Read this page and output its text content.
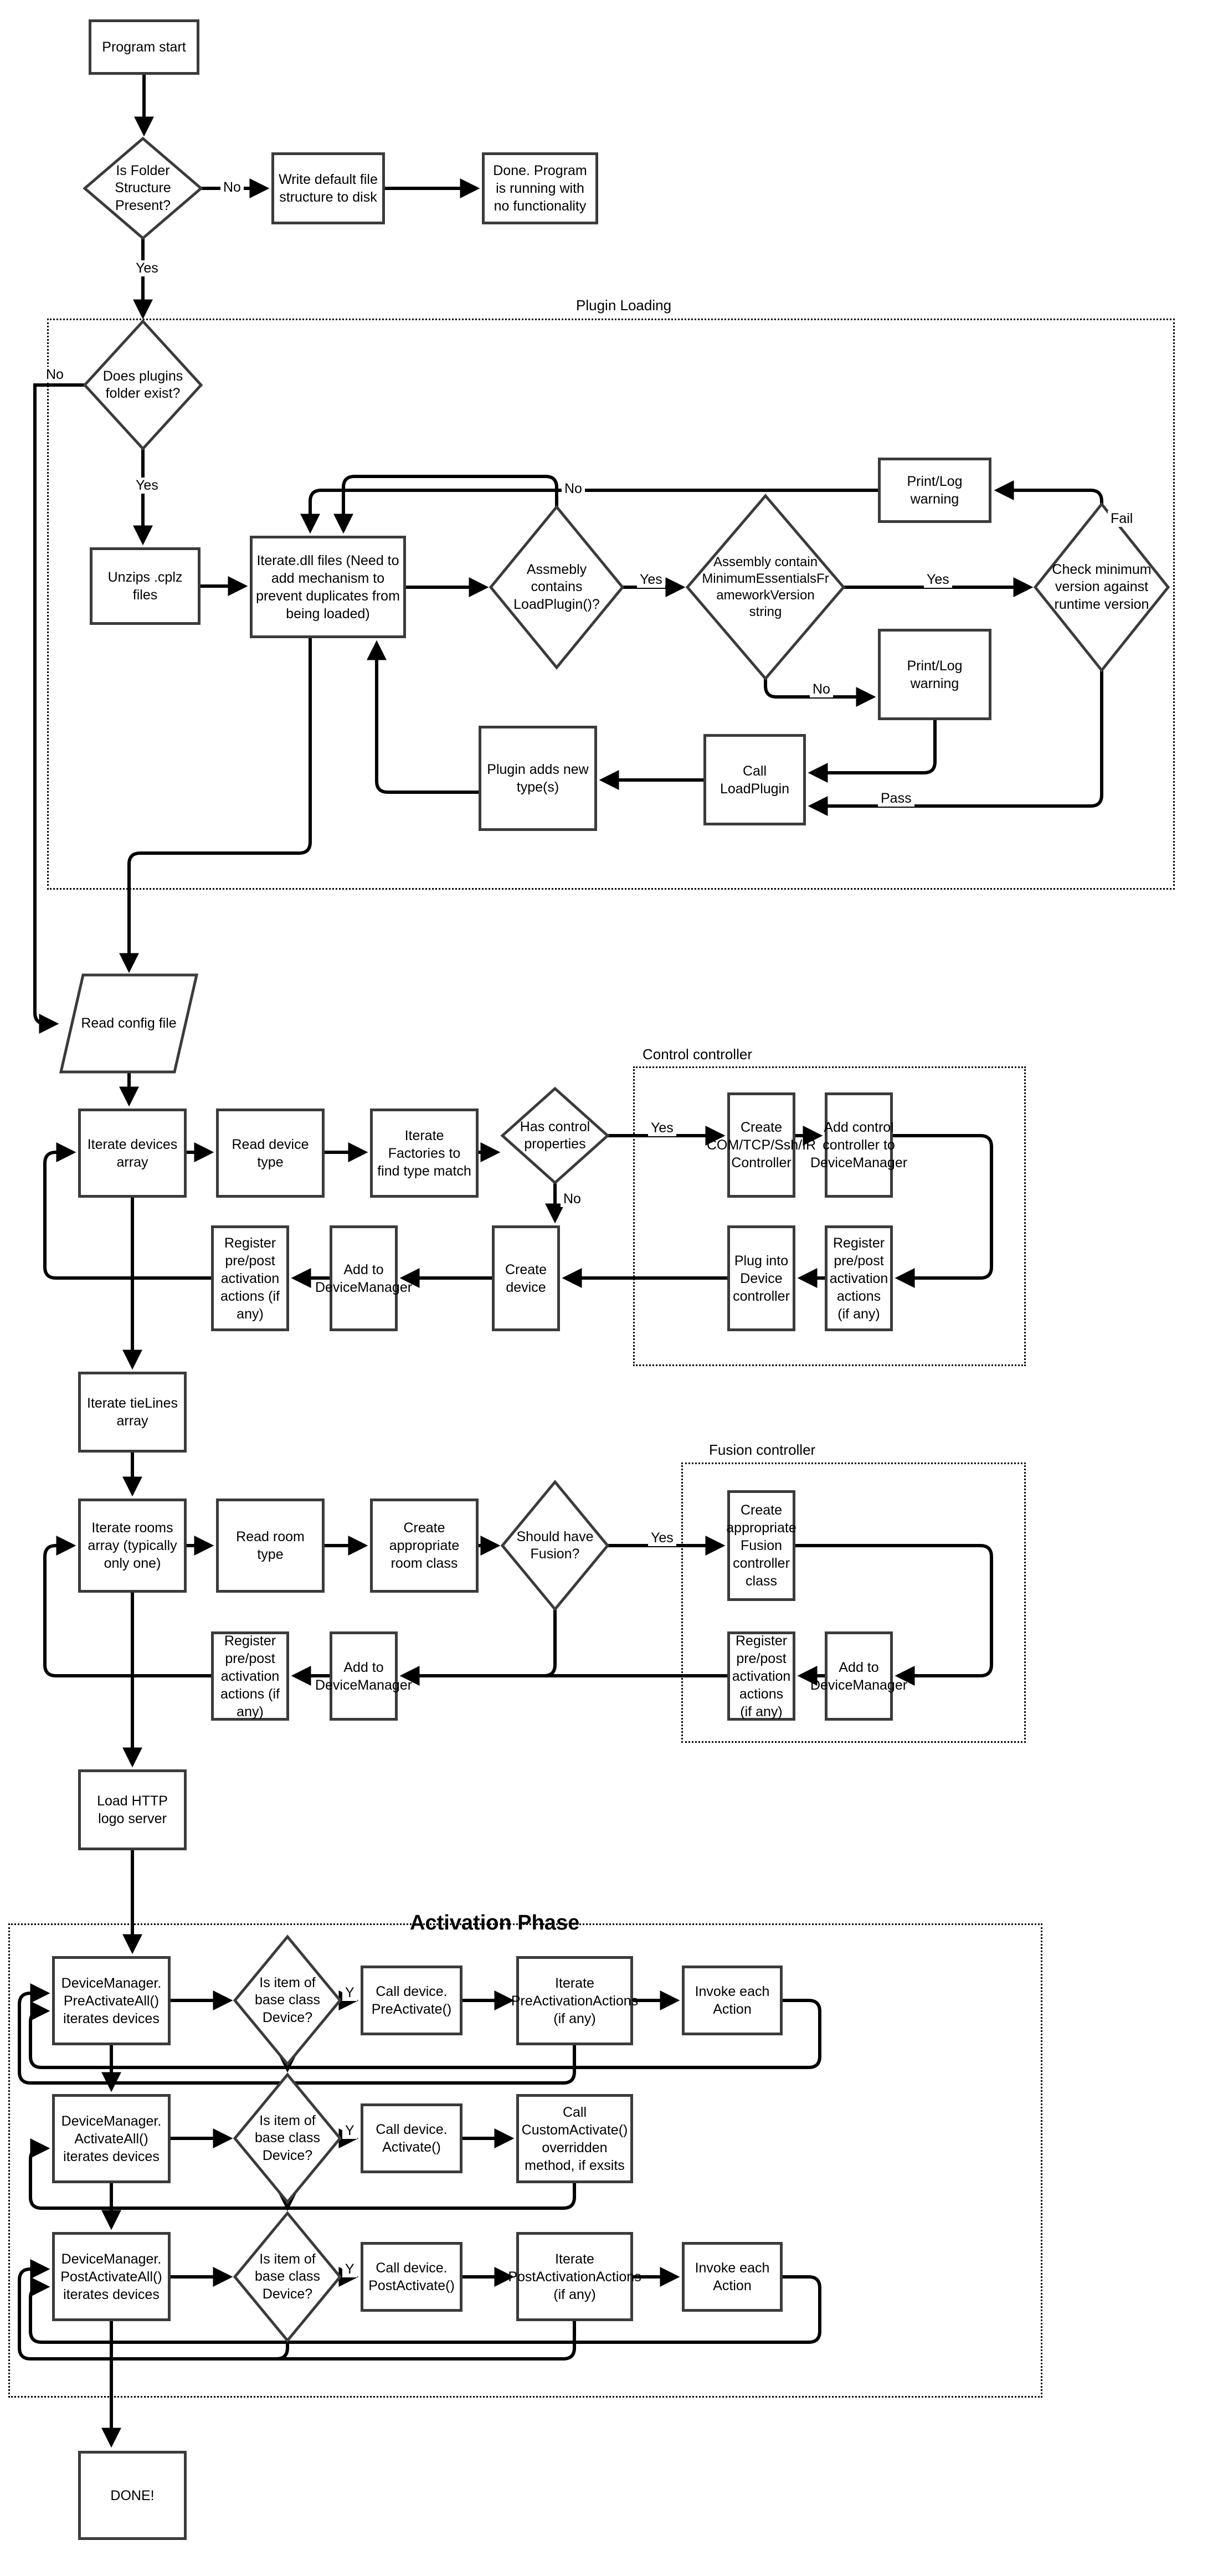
Plugin Loading
Control controller
Fusion controller
Activation Phase
Program start
Write default file structure to disk
Done. Program is running with no functionality
Unzips .cplz files
Iterate.dll files (Need to add mechanism to prevent duplicates from being loaded)
Print/Log warning
Print/Log warning
Call LoadPlugin
Plugin adds new type(s)
Iterate devices array
Read device type
Iterate Factories to find type match
Create COM/TCP/Ssh/IR Controller
Add control controller to DeviceManager
Register pre/post activation actions (if any)
Plug into Device controller
Create device
Add to DeviceManager
Register pre/post activation actions (if any)
Iterate tieLines array
Iterate rooms array (typically only one)
Read room type
Create appropriate room class
Create appropriate Fusion controller class
Add to DeviceManager
Register pre/post activation actions (if any)
Add to DeviceManager
Register pre/post activation actions (if any)
Load HTTP logo server
DeviceManager. PreActivateAll() iterates devices
Call device. PreActivate()
Iterate PreActivationActions (if any)
Invoke each Action
DeviceManager. ActivateAll() iterates devices
Call device. Activate()
Call CustomActivate() overridden method, if exsits
DeviceManager. PostActivateAll() iterates devices
Call device. PostActivate()
Iterate PostActivationActions (if any)
Invoke each Action
DONE!
Is Folder Structure Present?
Does plugins folder exist?
Assmebly contains LoadPlugin()?
Assembly contain MinimumEssentialsFrameworkVersion string
Check minimum version against runtime version
Has control properties
Should have Fusion?
Is item of base class Device?
Is item of base class Device?
Is item of base class Device?
Read config file
No
Yes
No
Yes	No
Yes	Yes
No
Fail
Pass
Yes
No
Yes
Y
Y
Y
